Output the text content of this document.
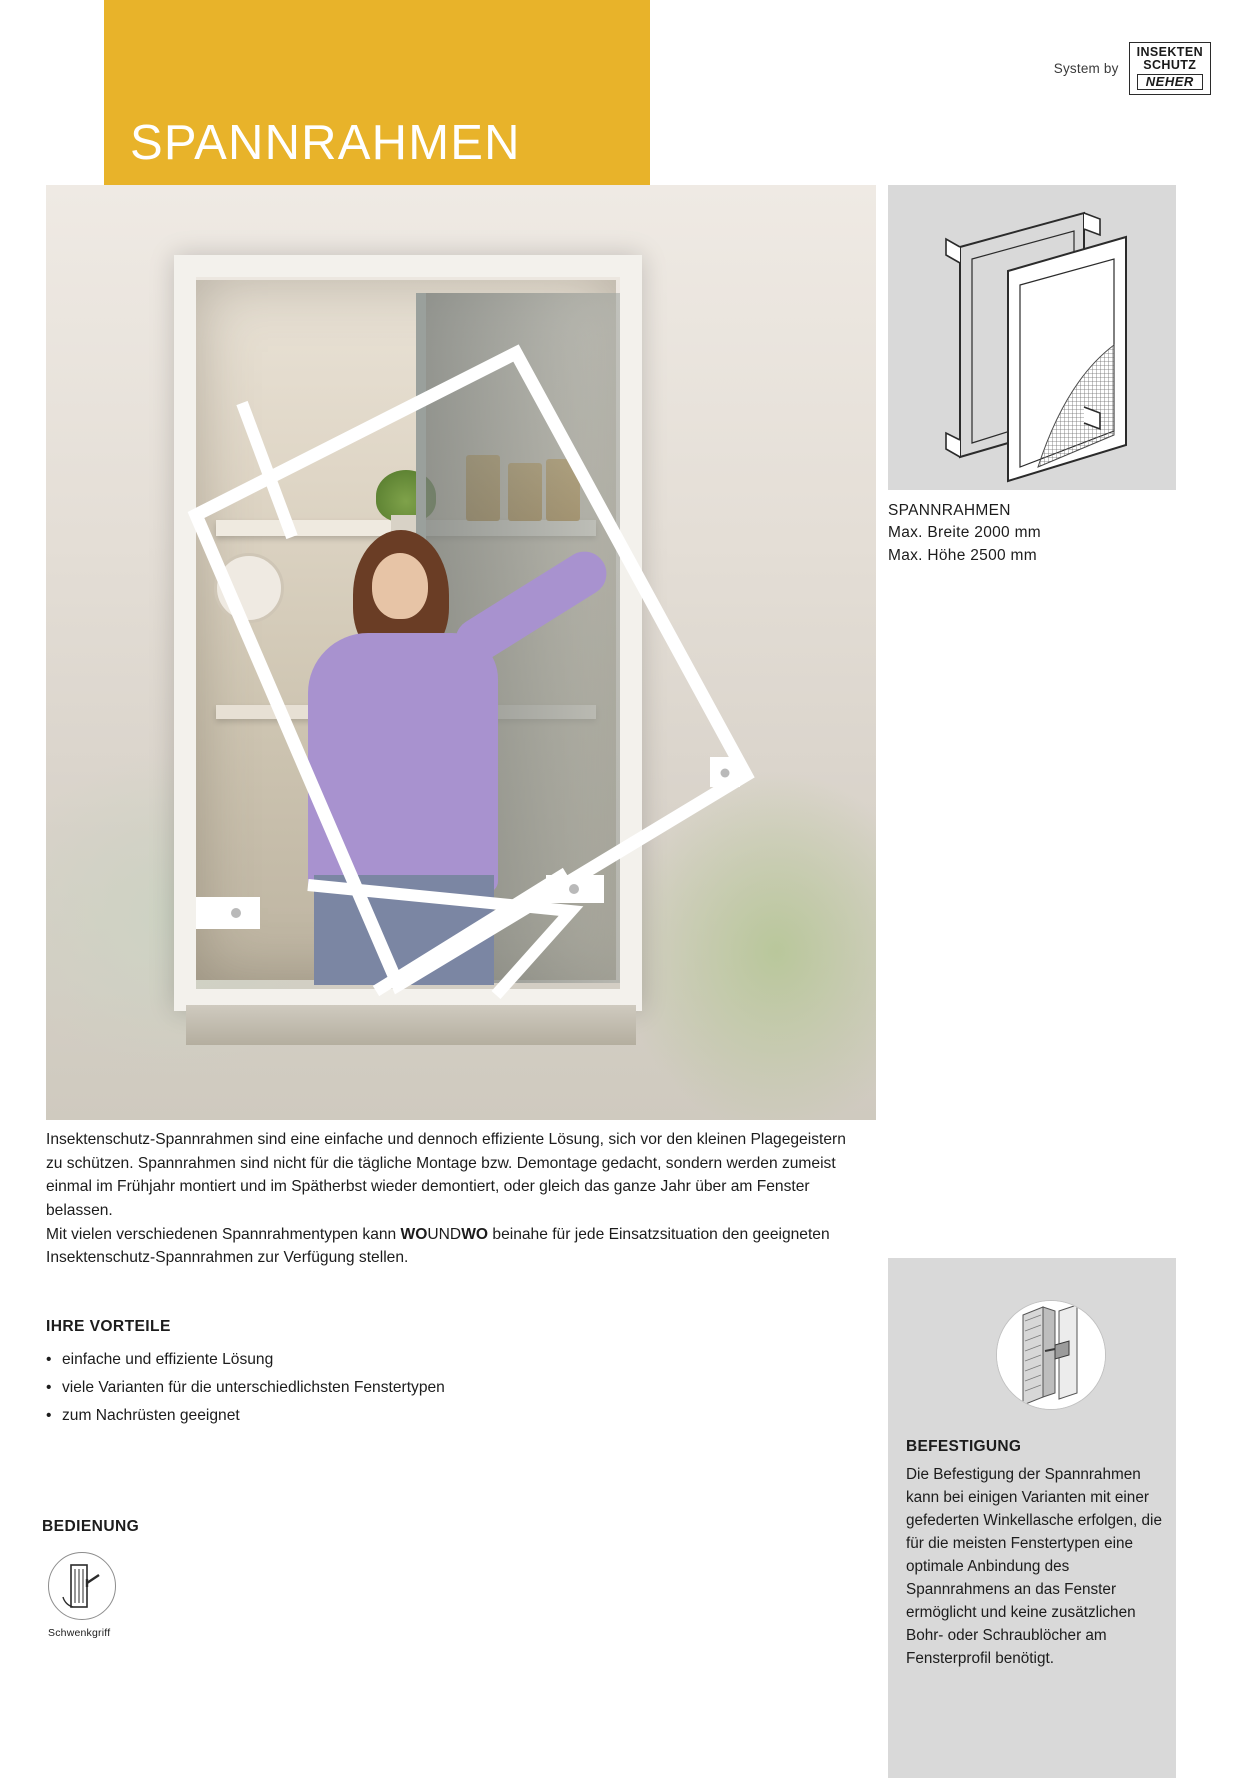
SPANNRAHMEN
System by
INSEKTEN
SCHUTZ
NEHER
SPANNRAHMEN
Max. Breite 2000 mm
Max. Höhe 2500 mm

Insektenschutz-Spannrahmen sind eine einfache und dennoch effiziente Lösung, sich vor den kleinen Plagegeistern zu schützen. Spannrahmen sind nicht für die tägliche Montage bzw. Demontage gedacht, sondern werden zumeist einmal im Frühjahr montiert und im Spätherbst wieder demontiert, oder gleich das ganze Jahr über am Fenster belassen.

Mit vielen verschiedenen Spannrahmentypen kann WOUNDWO beinahe für jede Einsatzsituation den geeigneten Insektenschutz-Spannrahmen zur Verfügung stellen.

IHRE VORTEILE
• einfache und effiziente Lösung
• viele Varianten für die unterschiedlichsten Fenstertypen
• zum Nachrüsten geeignet
BEDIENUNG
Schwenkgriff
BEFESTIGUNG
Die Befestigung der Spannrahmen kann bei einigen Varianten mit einer gefederten Winkellasche erfolgen, die für die meisten Fenstertypen eine optimale Anbindung des Spannrahmens an das Fenster ermöglicht und keine zusätzlichen Bohr- oder Schraublöcher am Fensterprofil benötigt.
